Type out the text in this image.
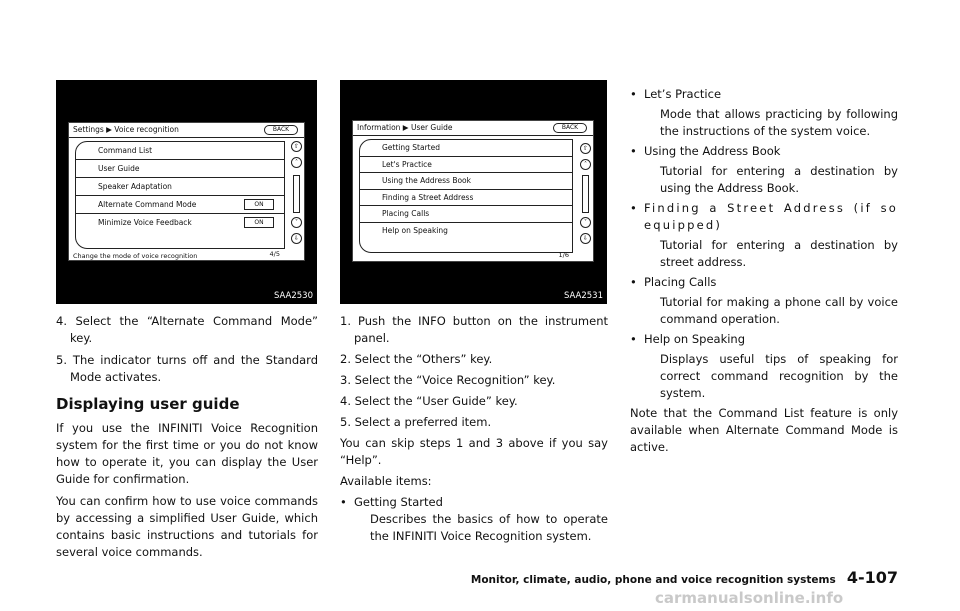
Settings ▶ Voice recognition	BACK
Command List
User Guide
Speaker Adaptation
Alternate Command Mode	ON
Minimize Voice Feedback	ON
4/5
Change the mode of voice recognition
⇧
˄
˅
⇩
SAA2530
Information ▶ User Guide	BACK
Getting Started
Let's Practice
Using the Address Book
Finding a Street Address
Placing Calls
Help on Speaking
1/6
⇧
˄
˅
⇩
SAA2531

4. Select the “Alternate Command Mode” key.

5. The indicator turns off and the Standard Mode activates.

Displaying user guide

If you use the INFINITI Voice Recognition system for the first time or you do not know how to operate it, you can display the User Guide for confirmation.

You can confirm how to use voice commands by accessing a simplified User Guide, which contains basic instructions and tutorials for several voice commands.

1. Push the INFO button on the instrument panel.

2. Select the “Others” key.

3. Select the “Voice Recognition” key.

4. Select the “User Guide” key.

5. Select a preferred item.

You can skip steps 1 and 3 above if you say “Help”.

Available items:

• Getting Started

Describes the basics of how to operate the INFINITI Voice Recognition system.

• Let’s Practice

Mode that allows practicing by following the instructions of the system voice.

• Using the Address Book

Tutorial for entering a destination by using the Address Book.

• Finding a Street Address (if so equipped)

Tutorial for entering a destination by street address.

• Placing Calls

Tutorial for making a phone call by voice command operation.

• Help on Speaking

Displays useful tips of speaking for correct command recognition by the system.

Note that the Command List feature is only available when Alternate Command Mode is active.

Monitor, climate, audio, phone and voice recognition systems 4-107
carmanualsonline.info
